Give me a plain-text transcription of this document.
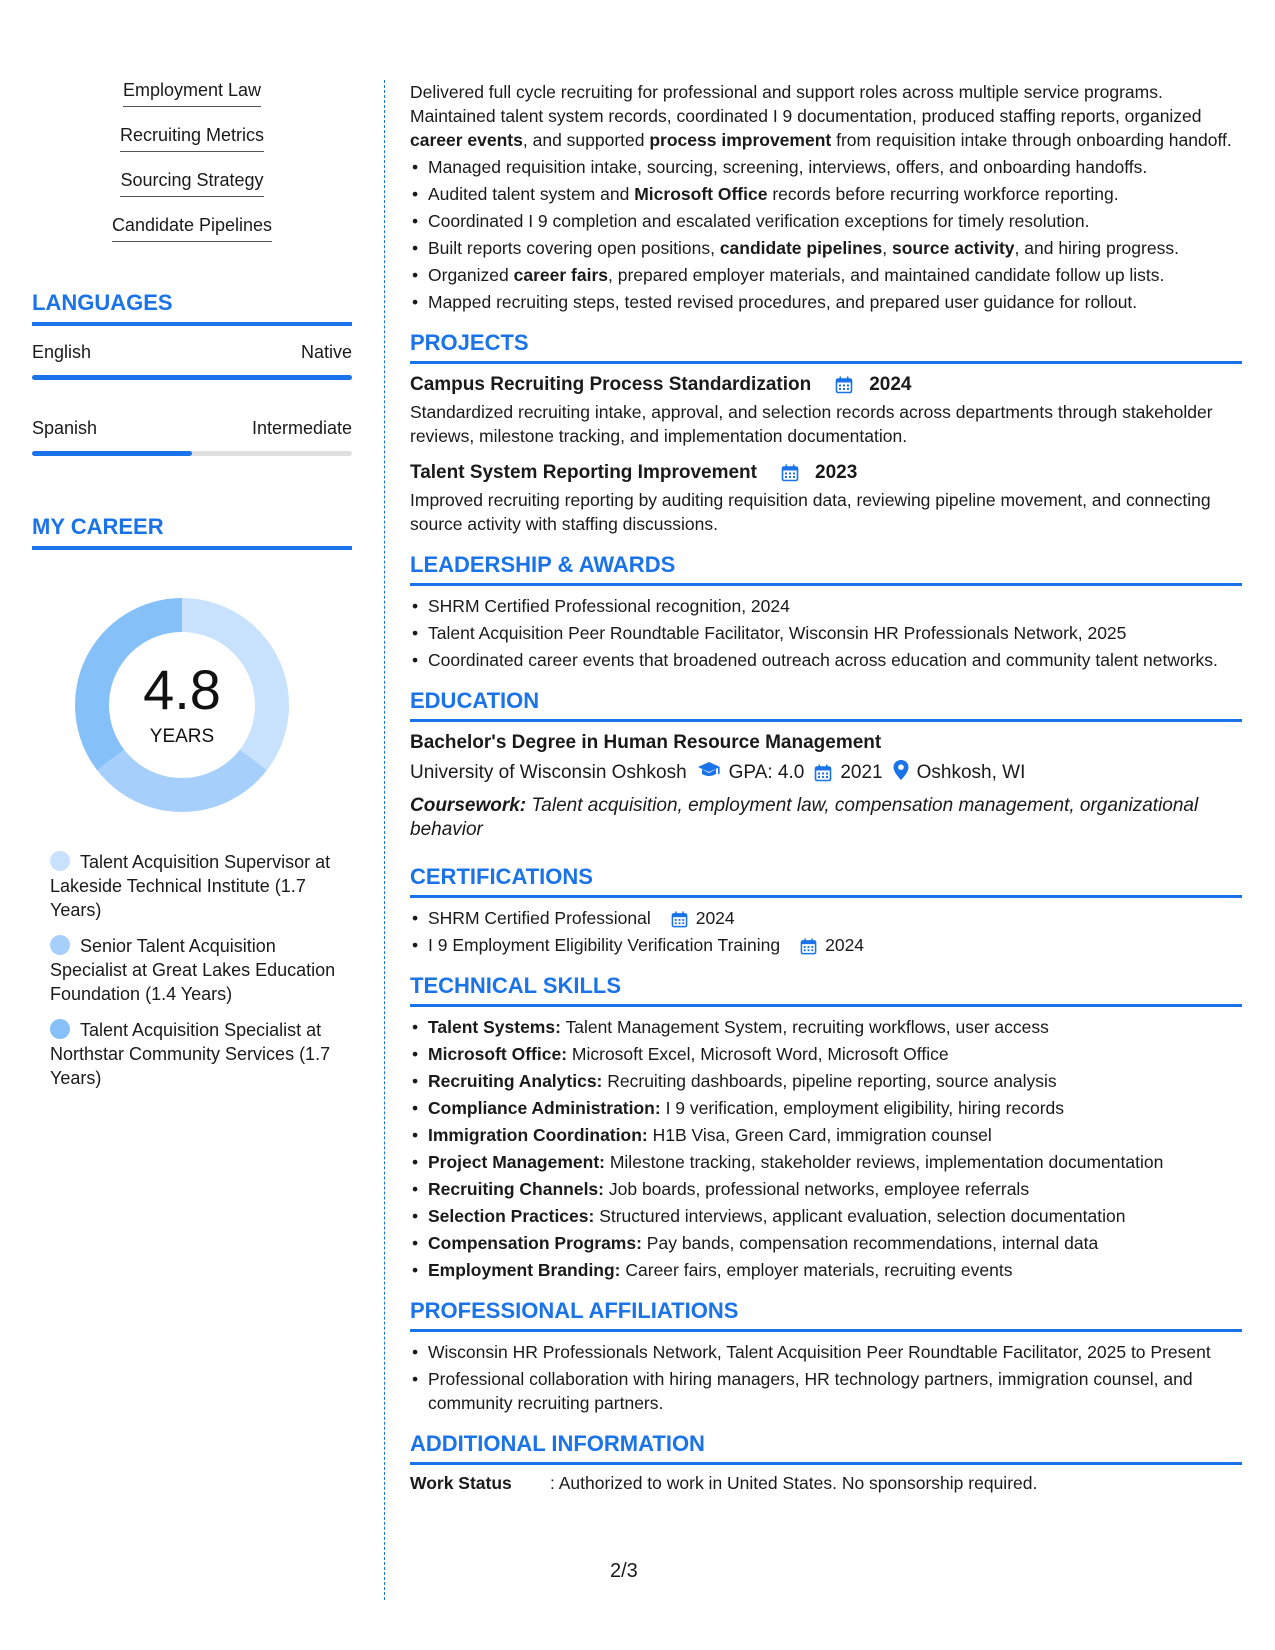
Employment Law
Recruiting Metrics
Sourcing Strategy
Candidate Pipelines
LANGUAGES
English	Native
Spanish	Intermediate
MY CAREER
4.8
YEARS
Talent Acquisition Supervisor at Lakeside Technical Institute (1.7 Years)
Senior Talent Acquisition Specialist at Great Lakes Education Foundation (1.4 Years)
Talent Acquisition Specialist at Northstar Community Services (1.7 Years)

Delivered full cycle recruiting for professional and support roles across multiple service programs. Maintained talent system records, coordinated I 9 documentation, produced staffing reports, organized career events, and supported process improvement from requisition intake through onboarding handoff.

• Managed requisition intake, sourcing, screening, interviews, offers, and onboarding handoffs.
• Audited talent system and Microsoft Office records before recurring workforce reporting.
• Coordinated I 9 completion and escalated verification exceptions for timely resolution.
• Built reports covering open positions, candidate pipelines, source activity, and hiring progress.
• Organized career fairs, prepared employer materials, and maintained candidate follow up lists.
• Mapped recruiting steps, tested revised procedures, and prepared user guidance for rollout.
PROJECTS
Campus Recruiting Process Standardization	2024
Standardized recruiting intake, approval, and selection records across departments through stakeholder reviews, milestone tracking, and implementation documentation.
Talent System Reporting Improvement	2023
Improved recruiting reporting by auditing requisition data, reviewing pipeline movement, and connecting source activity with staffing discussions.
LEADERSHIP & AWARDS
• SHRM Certified Professional recognition, 2024
• Talent Acquisition Peer Roundtable Facilitator, Wisconsin HR Professionals Network, 2025
• Coordinated career events that broadened outreach across education and community talent networks.
EDUCATION
Bachelor's Degree in Human Resource Management
University of Wisconsin Oshkosh GPA: 4.0 2021 Oshkosh, WI
Coursework: Talent acquisition, employment law, compensation management, organizational behavior
CERTIFICATIONS
• SHRM Certified Professional	2024
• I 9 Employment Eligibility Verification Training	2024
TECHNICAL SKILLS
• Talent Systems: Talent Management System, recruiting workflows, user access
• Microsoft Office: Microsoft Excel, Microsoft Word, Microsoft Office
• Recruiting Analytics: Recruiting dashboards, pipeline reporting, source analysis
• Compliance Administration: I 9 verification, employment eligibility, hiring records
• Immigration Coordination: H1B Visa, Green Card, immigration counsel
• Project Management: Milestone tracking, stakeholder reviews, implementation documentation
• Recruiting Channels: Job boards, professional networks, employee referrals
• Selection Practices: Structured interviews, applicant evaluation, selection documentation
• Compensation Programs: Pay bands, compensation recommendations, internal data
• Employment Branding: Career fairs, employer materials, recruiting events
PROFESSIONAL AFFILIATIONS
• Wisconsin HR Professionals Network, Talent Acquisition Peer Roundtable Facilitator, 2025 to Present
• Professional collaboration with hiring managers, HR technology partners, immigration counsel, and community recruiting partners.
ADDITIONAL INFORMATION
Work Status	: Authorized to work in United States. No sponsorship required.
2/3
